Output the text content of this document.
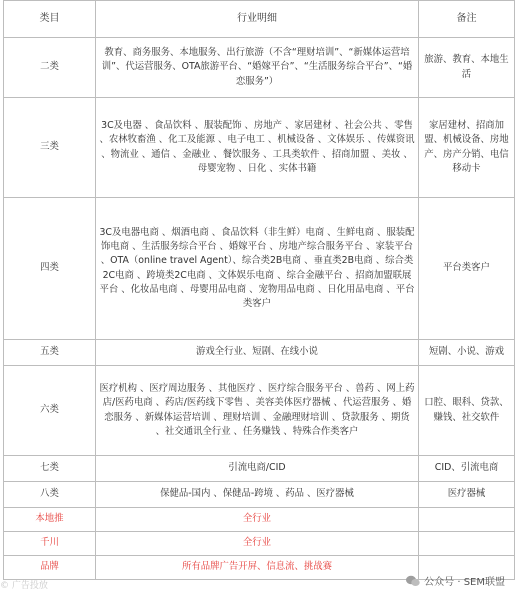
类目	行业明细	备注
二类	教育、商务服务、本地服务、出行旅游（不含“理财培训”、“新媒体运营培训”、代运营服务、OTA旅游平台、“婚嫁平台”、“生活服务综合平台”、“婚恋服务”）	旅游、教育、本地生活
三类	3C及电器 、食品饮料 、服装配饰 、房地产 、家居建材 、社会公共 、零售 、农林牧畜渔 、化工及能源 、电子电工 、机械设备 、文体娱乐 、传媒资讯 、物流业 、通信 、金融业 、餐饮服务 、工具类软件 、招商加盟 、美妆 、母婴宠物 、日化 、实体书籍	家居建材、招商加盟、机械设备、房地产、房产分销、电信移动卡
四类	3C及电器电商 、烟酒电商 、食品饮料（非生鲜）电商 、生鲜电商 、服装配饰电商 、生活服务综合平台 、婚嫁平台 、房地产综合服务平台 、家装平台 、OTA（online travel Agent）、综合类2B电商 、垂直类2B电商 、综合类2C电商 、跨境类2C电商 、文体娱乐电商 、综合金融平台 、招商加盟联展平台 、化妆品电商 、母婴用品电商 、宠物用品电商 、日化用品电商 、平台类客户	平台类客户
五类	游戏全行业、短剧、在线小说	短剧、小说、游戏
六类	医疗机构 、医疗周边服务 、其他医疗 、医疗综合服务平台 、兽药 、网上药店/医药电商 、药店/医药线下零售 、美容美体医疗器械 、代运营服务 、婚恋服务 、新媒体运营培训 、理财培训 、金融理财培训 、贷款服务 、期货 、社交通讯全行业 、任务赚钱 、特殊合作类客户	口腔、眼科、贷款、赚钱、社交软件
七类	引流电商/CID	CID、引流电商
八类	保健品-国内 、保健品-跨境 、药品 、医疗器械	医疗器械
本地推	全行业	
千川	全行业	
品牌	所有品牌广告开屏、信息流、挑战赛	
© 广告投放	公众号 · SEM联盟
